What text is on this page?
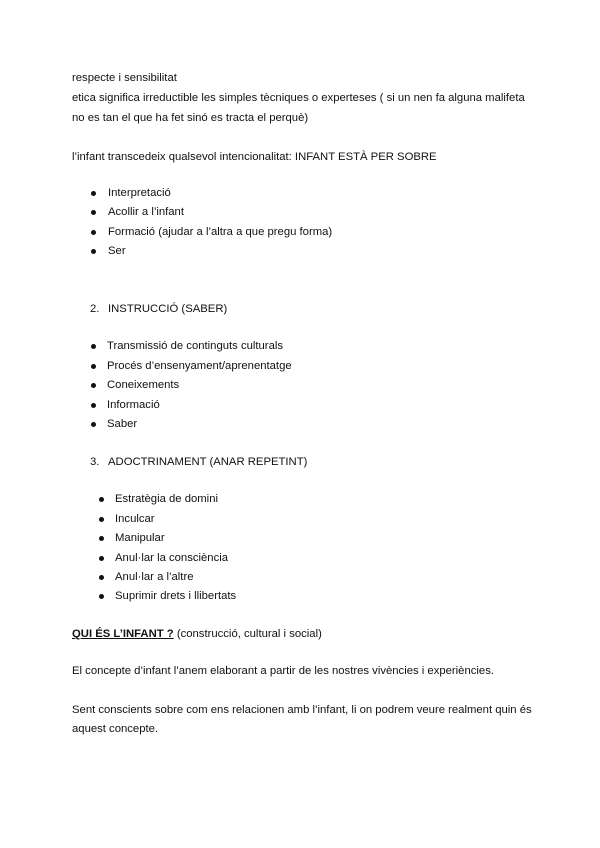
respecte i sensibilitat

etica significa irreductible les simples tècniques o experteses ( si un nen fa alguna malifeta

no es tan el que ha fet sinó es tracta el perquè)

l’infant transcedeix qualsevol intencionalitat: INFANT ESTÀ PER SOBRE

Interpretació

Acollir a l’infant

Formació (ajudar a l’altra a que pregu forma)

Ser

2. INSTRUCCIÓ (SABER)

Transmissió de continguts culturals

Procés d’ensenyament/aprenentatge

Coneixements

Informació

Saber

3. ADOCTRINAMENT (ANAR REPETINT)

Estratègia de domini

Inculcar

Manipular

Anul·lar la consciència

Anul·lar a l’altre

Suprimir drets i llibertats

QUI ÉS L’INFANT ? (construcció, cultural i social)

El concepte d’infant l’anem elaborant a partir de les nostres vivències i experiències.

Sent conscients sobre com ens relacionen amb l’infant, li on podrem veure realment quin és

aquest concepte.
